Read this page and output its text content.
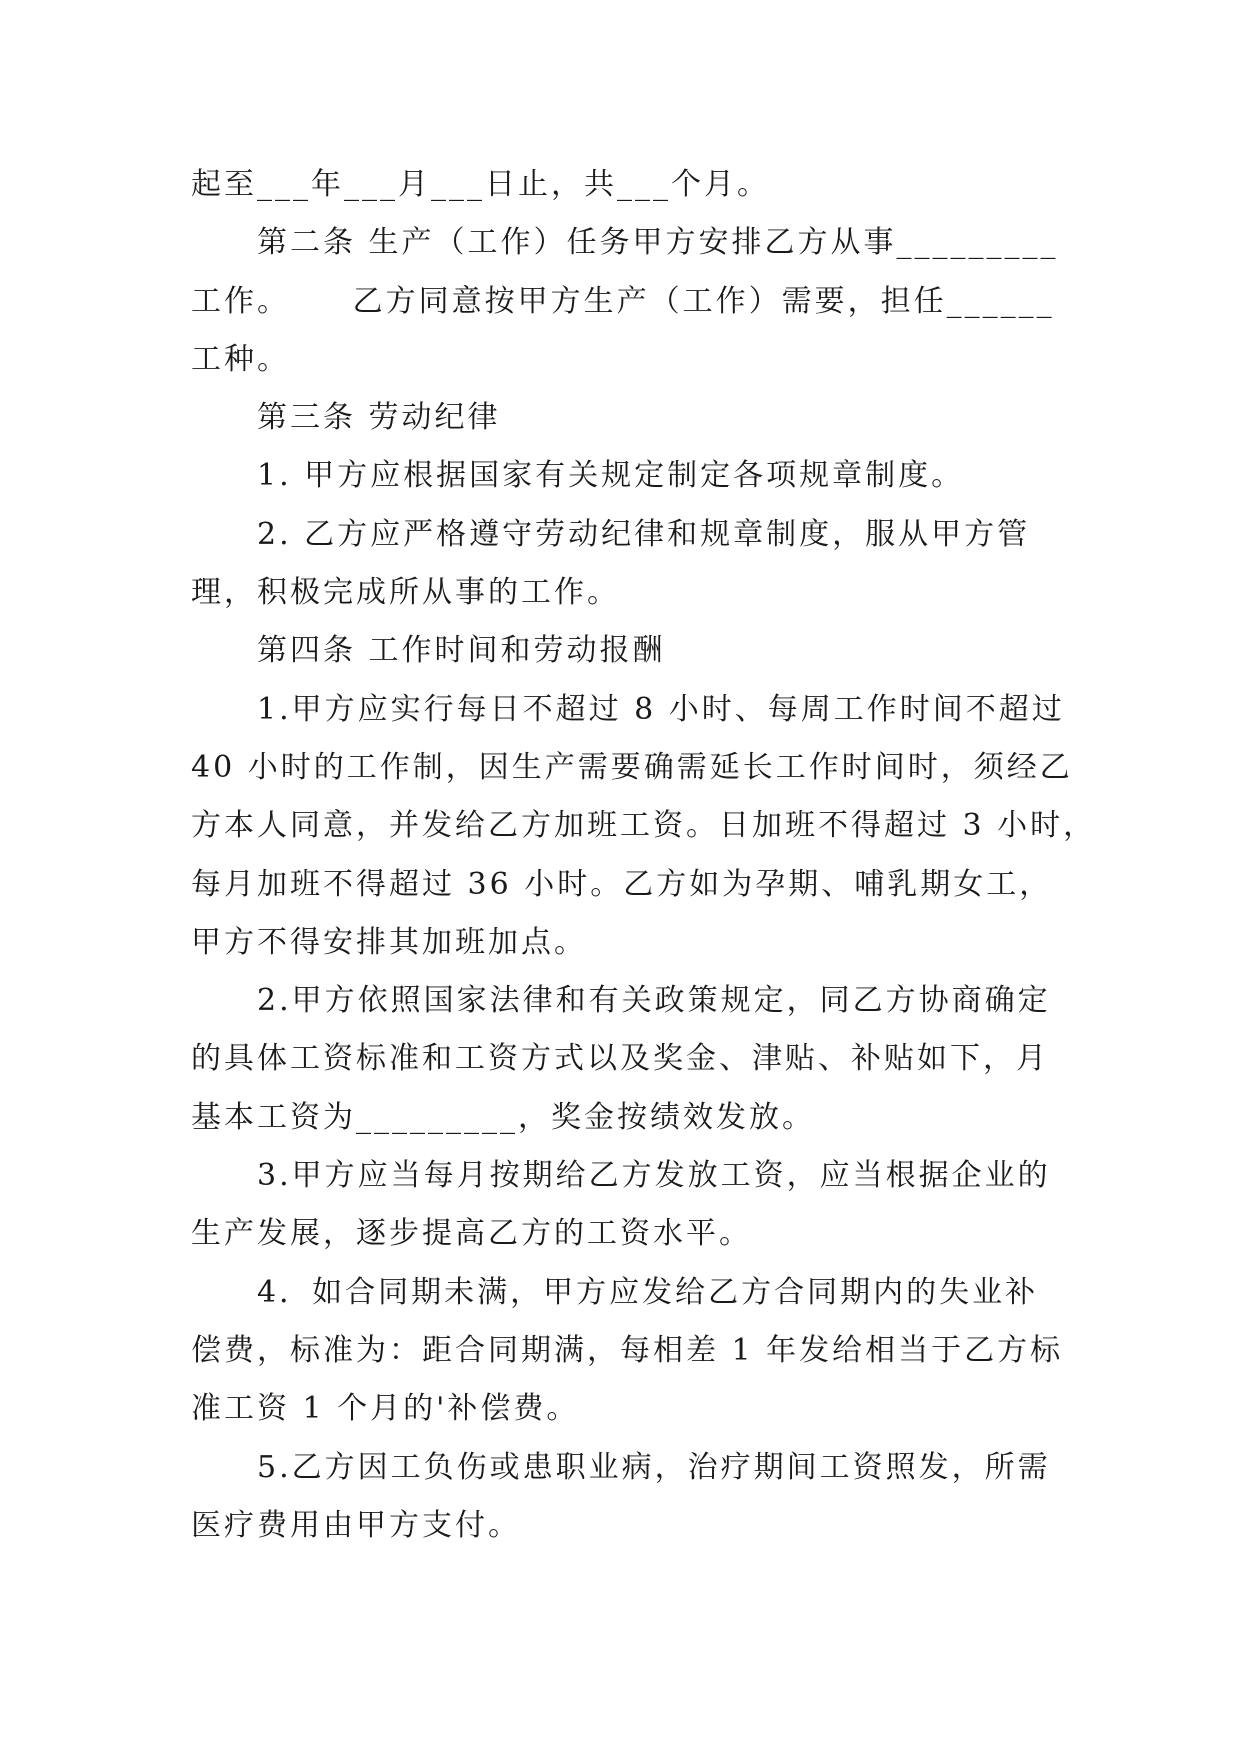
起至___年___月___日止，共___个月。
第二条 生产（工作）任务甲方安排乙方从事_________
工作。     乙方同意按甲方生产（工作）需要，担任______
工种。
第三条 劳动纪律
1. 甲方应根据国家有关规定制定各项规章制度。
2. 乙方应严格遵守劳动纪律和规章制度，服从甲方管
理，积极完成所从事的工作。
第四条 工作时间和劳动报酬
1.甲方应实行每日不超过 8 小时、每周工作时间不超过
40 小时的工作制，因生产需要确需延长工作时间时，须经乙
方本人同意，并发给乙方加班工资。日加班不得超过 3 小时，
每月加班不得超过 36 小时。乙方如为孕期、哺乳期女工，
甲方不得安排其加班加点。
2.甲方依照国家法律和有关政策规定，同乙方协商确定
的具体工资标准和工资方式以及奖金、津贴、补贴如下，月
基本工资为_________，奖金按绩效发放。
3.甲方应当每月按期给乙方发放工资，应当根据企业的
生产发展，逐步提高乙方的工资水平。
4．如合同期未满，甲方应发给乙方合同期内的失业补
偿费，标准为：距合同期满，每相差 1 年发给相当于乙方标
准工资 1 个月的'补偿费。
5.乙方因工负伤或患职业病，治疗期间工资照发，所需
医疗费用由甲方支付。
